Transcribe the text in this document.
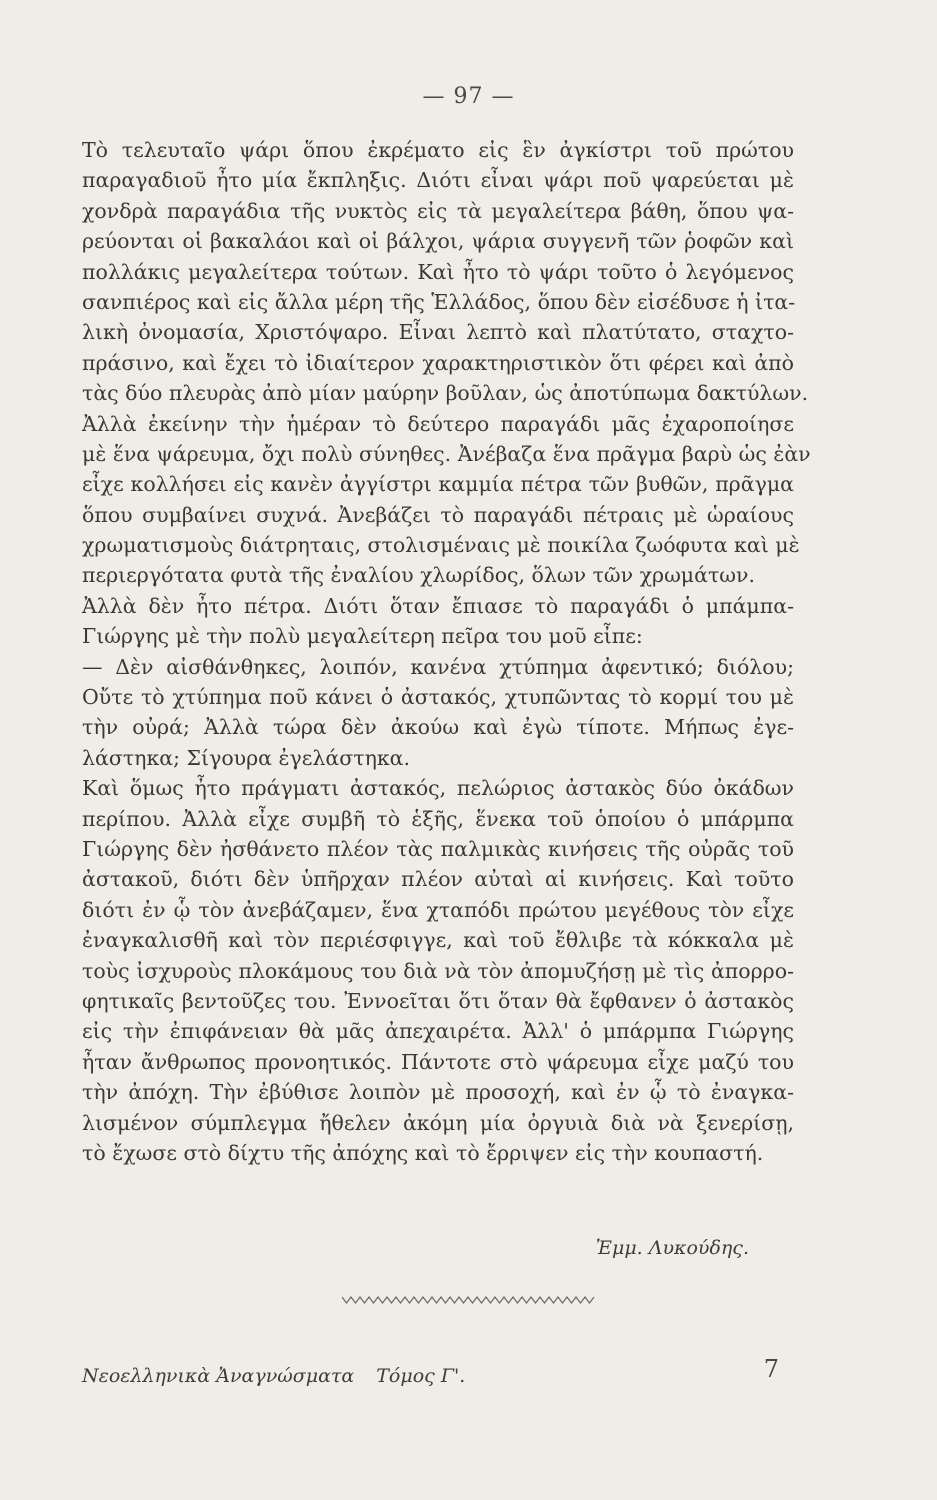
— 97 —
Τὸ τελευταῖο ψάρι ὅπου ἐκρέματο εἰς ἓν ἀγκίστρι τοῦ πρώτου
παραγαδιοῦ ἦτο μία ἔκπληξις. Διότι εἶναι ψάρι ποῦ ψαρεύεται μὲ
χονδρὰ παραγάδια τῆς νυκτὸς εἰς τὰ μεγαλείτερα βάθη, ὅπου ψα-
ρεύονται οἱ βακαλάοι καὶ οἱ βάλχοι, ψάρια συγγενῆ τῶν ῥοφῶν καὶ
πολλάκις μεγαλείτερα τούτων. Καὶ ἦτο τὸ ψάρι τοῦτο ὁ λεγόμενος
σανπιέρος καὶ εἰς ἄλλα μέρη τῆς Ἑλλάδος, ὅπου δὲν εἰσέδυσε ἡ ἰτα-
λικὴ ὀνομασία, Χριστόψαρο. Εἶναι λεπτὸ καὶ πλατύτατο, σταχτο-
πράσινο, καὶ ἔχει τὸ ἰδιαίτερον χαρακτηριστικὸν ὅτι φέρει καὶ ἀπὸ
τὰς δύο πλευρὰς ἀπὸ μίαν μαύρην βοῦλαν, ὡς ἀποτύπωμα δακτύλων.
Ἀλλὰ ἐκείνην τὴν ἡμέραν τὸ δεύτερο παραγάδι μᾶς ἐχαροποίησε
μὲ ἕνα ψάρευμα, ὄχι πολὺ σύνηθες. Ἀνέβαζα ἕνα πρᾶγμα βαρὺ ὡς ἐὰν
εἶχε κολλήσει εἰς κανὲν ἀγγίστρι καμμία πέτρα τῶν βυθῶν, πρᾶγμα
ὅπου συμβαίνει συχνά. Ἀνεβάζει τὸ παραγάδι πέτραις μὲ ὡραίους
χρωματισμοὺς διάτρηταις, στολισμέναις μὲ ποικίλα ζωόφυτα καὶ μὲ
περιεργότατα φυτὰ τῆς ἐναλίου χλωρίδος, ὅλων τῶν χρωμάτων.
Ἀλλὰ δὲν ἦτο πέτρα. Διότι ὅταν ἔπιασε τὸ παραγάδι ὁ μπάμπα-
Γιώργης μὲ τὴν πολὺ μεγαλείτερη πεῖρα του μοῦ εἶπε:
— Δὲν αἰσθάνθηκες, λοιπόν, κανένα χτύπημα ἀφεντικό; διόλου;
Οὔτε τὸ χτύπημα ποῦ κάνει ὁ ἀστακός, χτυπῶντας τὸ κορμί του μὲ
τὴν οὐρά; Ἀλλὰ τώρα δὲν ἀκούω καὶ ἐγὼ τίποτε. Μήπως ἐγε-
λάστηκα; Σίγουρα ἐγελάστηκα.
Καὶ ὅμως ἦτο πράγματι ἀστακός, πελώριος ἀστακὸς δύο ὀκάδων
περίπου. Ἀλλὰ εἶχε συμβῆ τὸ ἑξῆς, ἕνεκα τοῦ ὁποίου ὁ μπάρμπα
Γιώργης δὲν ἠσθάνετο πλέον τὰς παλμικὰς κινήσεις τῆς οὐρᾶς τοῦ
ἀστακοῦ, διότι δὲν ὑπῆρχαν πλέον αὐταὶ αἱ κινήσεις. Καὶ τοῦτο
διότι ἐν ᾧ τὸν ἀνεβάζαμεν, ἕνα χταπόδι πρώτου μεγέθους τὸν εἶχε
ἐναγκαλισθῆ καὶ τὸν περιέσφιγγε, καὶ τοῦ ἔθλιβε τὰ κόκκαλα μὲ
τοὺς ἰσχυροὺς πλοκάμους του διὰ νὰ τὸν ἀπομυζήσῃ μὲ τὶς ἀπορρο-
φητικαῖς βεντοῦζες του. Ἐννοεῖται ὅτι ὅταν θὰ ἔφθανεν ὁ ἀστακὸς
εἰς τὴν ἐπιφάνειαν θὰ μᾶς ἀπεχαιρέτα. Ἀλλ' ὁ μπάρμπα Γιώργης
ἦταν ἄνθρωπος προνοητικός. Πάντοτε στὸ ψάρευμα εἶχε μαζύ του
τὴν ἀπόχη. Τὴν ἐβύθισε λοιπὸν μὲ προσοχή, καὶ ἐν ᾧ τὸ ἐναγκα-
λισμένον σύμπλεγμα ἤθελεν ἀκόμη μία ὀργυιὰ διὰ νὰ ξενερίσῃ,
τὸ ἔχωσε στὸ δίχτυ τῆς ἀπόχης καὶ τὸ ἔρριψεν εἰς τὴν κουπαστή.
Ἐμμ. Λυκούδης.
Νεοελληνικὰ Ἀναγνώσματα Τόμος Γ'.	7
